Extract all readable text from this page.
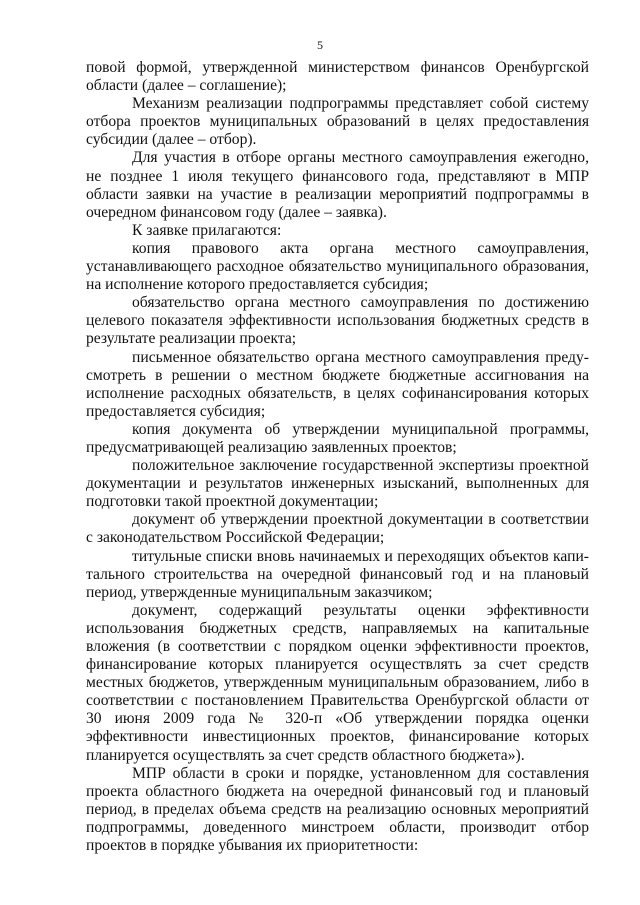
5

повой формой, утвержденной министерством финансов Оренбургской области (далее – соглашение);

Механизм реализации подпрограммы представляет собой систему отбора проектов муниципальных образований в целях предоставления субсидии (далее – отбор).

Для участия в отборе органы местного самоуправления ежегодно, не позднее 1 июля текущего финансового года, представляют в МПР области заявки на участие в реализации мероприятий подпрограммы в очередном финансовом году (далее – заявка).

К заявке прилагаются:

копия правового акта органа местного самоуправления, устанавливающего расходное обязательство муниципального образования, на исполнение которого предоставляется субсидия;

обязательство органа местного самоуправления по достижению целевого показателя эффективности использования бюджетных средств в результате реализации проекта;

письменное обязательство органа местного самоуправления предусмотреть в решении о местном бюджете бюджетные ассигнования на исполнение расходных обязательств, в целях софинансирования которых предоставляется субсидия;

копия документа об утверждении муниципальной программы, предусматривающей реализацию заявленных проектов;

положительное заключение государственной экспертизы проектной документации и результатов инженерных изысканий, выполненных для подготовки такой проектной документации;

документ об утверждении проектной документации в соответствии с законодательством Российской Федерации;

титульные списки вновь начинаемых и переходящих объектов капитального строительства на очередной финансовый год и на плановый период, утвержденные муниципальным заказчиком;

документ, содержащий результаты оценки эффективности использования бюджетных средств, направляемых на капитальные вложения (в соответствии с порядком оценки эффективности проектов, финансирование которых планируется осуществлять за счет средств местных бюджетов, утвержденным муниципальным образованием, либо в соответствии с постановлением Правительства Оренбургской области от 30 июня 2009 года № 320-п «Об утверждении порядка оценки эффективности инвестиционных проектов, финансирование которых планируется осуществлять за счет средств областного бюджета»).

МПР области в сроки и порядке, установленном для составления проекта областного бюджета на очередной финансовый год и плановый период, в пределах объема средств на реализацию основных мероприятий подпрограммы, доведенного минстроем области, производит отбор проектов в порядке убывания их приоритетности:
